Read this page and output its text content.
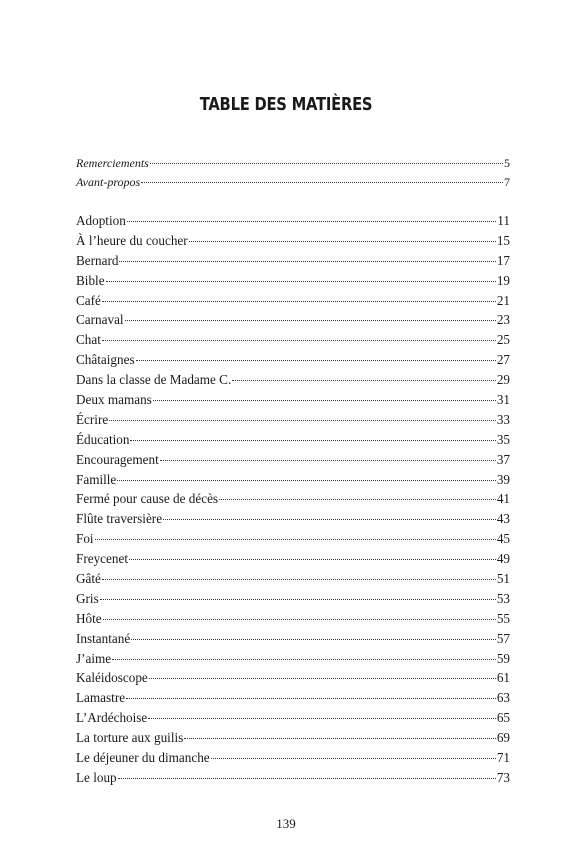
TABLE DES MATIÈRES
Remerciements	5
Avant-propos	7
Adoption	11
À l’heure du coucher	15
Bernard	17
Bible	19
Café	21
Carnaval	23
Chat	25
Châtaignes	27
Dans la classe de Madame C.	29
Deux mamans	31
Écrire	33
Éducation	35
Encouragement	37
Famille	39
Fermé pour cause de décès	41
Flûte traversière	43
Foi	45
Freycenet	49
Gâté	51
Gris	53
Hôte	55
Instantané	57
J’aime	59
Kaléidoscope	61
Lamastre	63
L’Ardéchoise	65
La torture aux guilis	69
Le déjeuner du dimanche	71
Le loup	73
139
